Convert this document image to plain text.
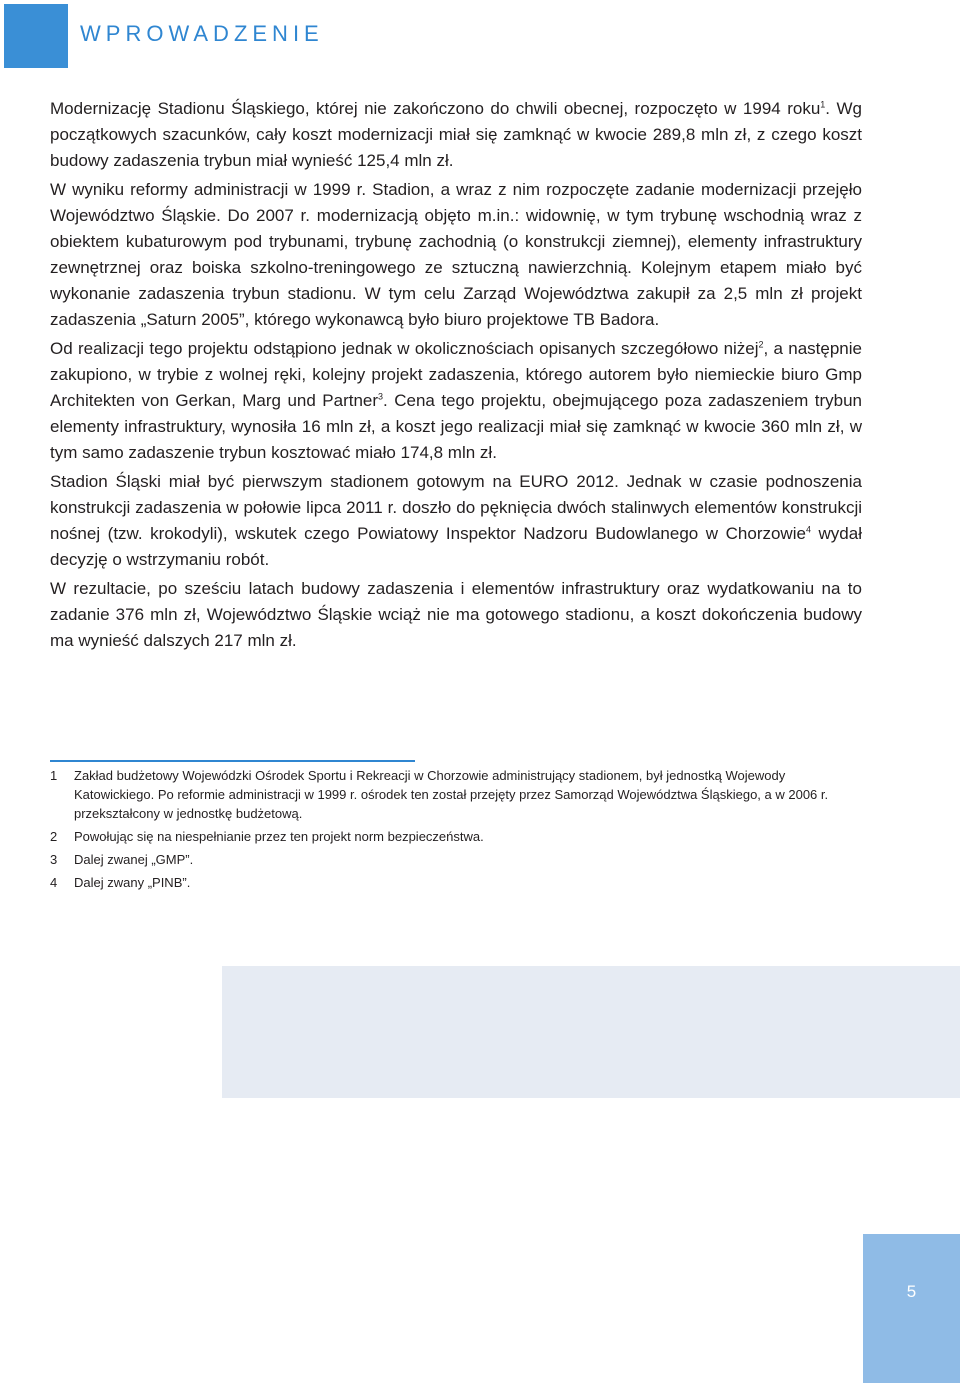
WPROWADZENIE

Modernizację Stadionu Śląskiego, której nie zakończono do chwili obecnej, rozpoczęto w 1994 roku$^1$. Wg początkowych szacunków, cały koszt modernizacji miał się zamknąć w kwocie 289,8 mln zł, z czego koszt budowy zadaszenia trybun miał wynieść 125,4 mln zł.

W wyniku reformy administracji w 1999 r. Stadion, a wraz z nim rozpoczęte zadanie modernizacji przejęło Województwo Śląskie. Do 2007 r. modernizacją objęto m.in.: widownię, w tym trybunę wschodnią wraz z obiektem kubaturowym pod trybunami, trybunę zachodnią (o konstrukcji ziemnej), elementy infrastruktury zewnętrznej oraz boiska szkolno-treningowego ze sztuczną nawierzchnią. Kolejnym etapem miało być wykonanie zadaszenia trybun stadionu. W tym celu Zarząd Województwa zakupił za 2,5 mln zł projekt zadaszenia „Saturn 2005”, którego wykonawcą było biuro projektowe TB Badora.

Od realizacji tego projektu odstąpiono jednak w okolicznościach opisanych szczegółowo niżej$^2$, a następnie zakupiono, w trybie z wolnej ręki, kolejny projekt zadaszenia, którego autorem było niemieckie biuro Gmp Architekten von Gerkan, Marg und Partner$^3$. Cena tego projektu, obejmującego poza zadaszeniem trybun elementy infrastruktury, wynosiła 16 mln zł, a koszt jego realizacji miał się zamknąć w kwocie 360 mln zł, w tym samo zadaszenie trybun kosztować miało 174,8 mln zł.

Stadion Śląski miał być pierwszym stadionem gotowym na EURO 2012. Jednak w czasie podnoszenia konstrukcji zadaszenia w połowie lipca 2011 r. doszło do pęknięcia dwóch stalinwych elementów konstrukcji nośnej (tzw. krokodyli), wskutek czego Powiatowy Inspektor Nadzoru Budowlanego w Chorzowie$^4$ wydał decyzję o wstrzymaniu robót.

W rezultacie, po sześciu latach budowy zadaszenia i elementów infrastruktury oraz wydatkowaniu na to zadanie 376 mln zł, Województwo Śląskie wciąż nie ma gotowego stadionu, a koszt dokończenia budowy ma wynieść dalszych 217 mln zł.

1	Zakład budżetowy Wojewódzki Ośrodek Sportu i Rekreacji w Chorzowie administrujący stadionem, był jednostką Wojewody Katowickiego. Po reformie administracji w 1999 r. ośrodek ten został przejęty przez Samorząd Województwa Śląskiego, a w 2006 r. przekształcony w jednostkę budżetową.
2	Powołując się na niespełnianie przez ten projekt norm bezpieczeństwa.
3	Dalej zwanej „GMP”.
4	Dalej zwany „PINB”.
5
